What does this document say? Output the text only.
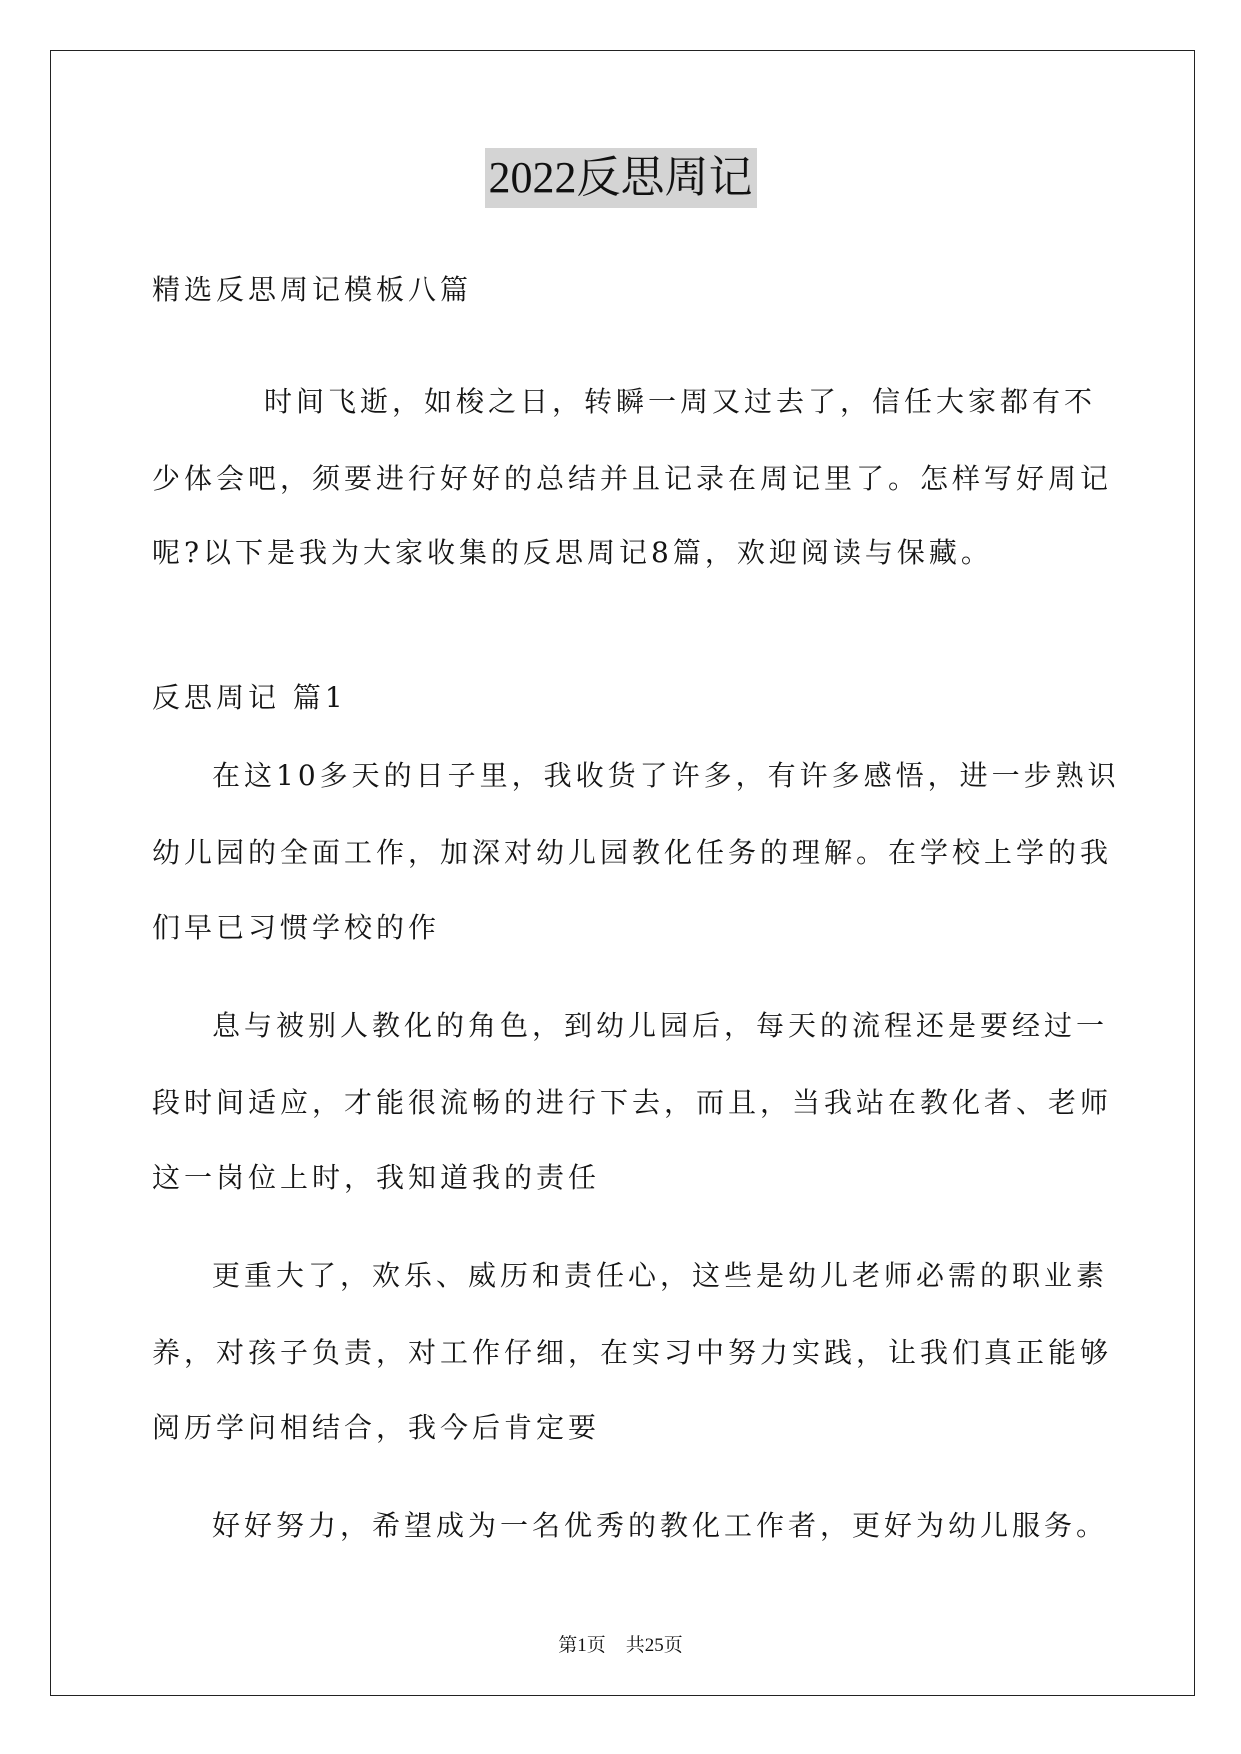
2022反思周记
精选反思周记模板八篇
时间飞逝，如梭之日，转瞬一周又过去了，信任大家都有不
少体会吧，须要进行好好的总结并且记录在周记里了。怎样写好周记
呢?以下是我为大家收集的反思周记8篇，欢迎阅读与保藏。
反思周记 篇1
在这10多天的日子里，我收货了许多，有许多感悟，进一步熟识
幼儿园的全面工作，加深对幼儿园教化任务的理解。在学校上学的我
们早已习惯学校的作
息与被别人教化的角色，到幼儿园后，每天的流程还是要经过一
段时间适应，才能很流畅的进行下去，而且，当我站在教化者、老师
这一岗位上时，我知道我的责任
更重大了，欢乐、威历和责任心，这些是幼儿老师必需的职业素
养，对孩子负责，对工作仔细，在实习中努力实践，让我们真正能够
阅历学问相结合，我今后肯定要
好好努力，希望成为一名优秀的教化工作者，更好为幼儿服务。
第1页 共25页
